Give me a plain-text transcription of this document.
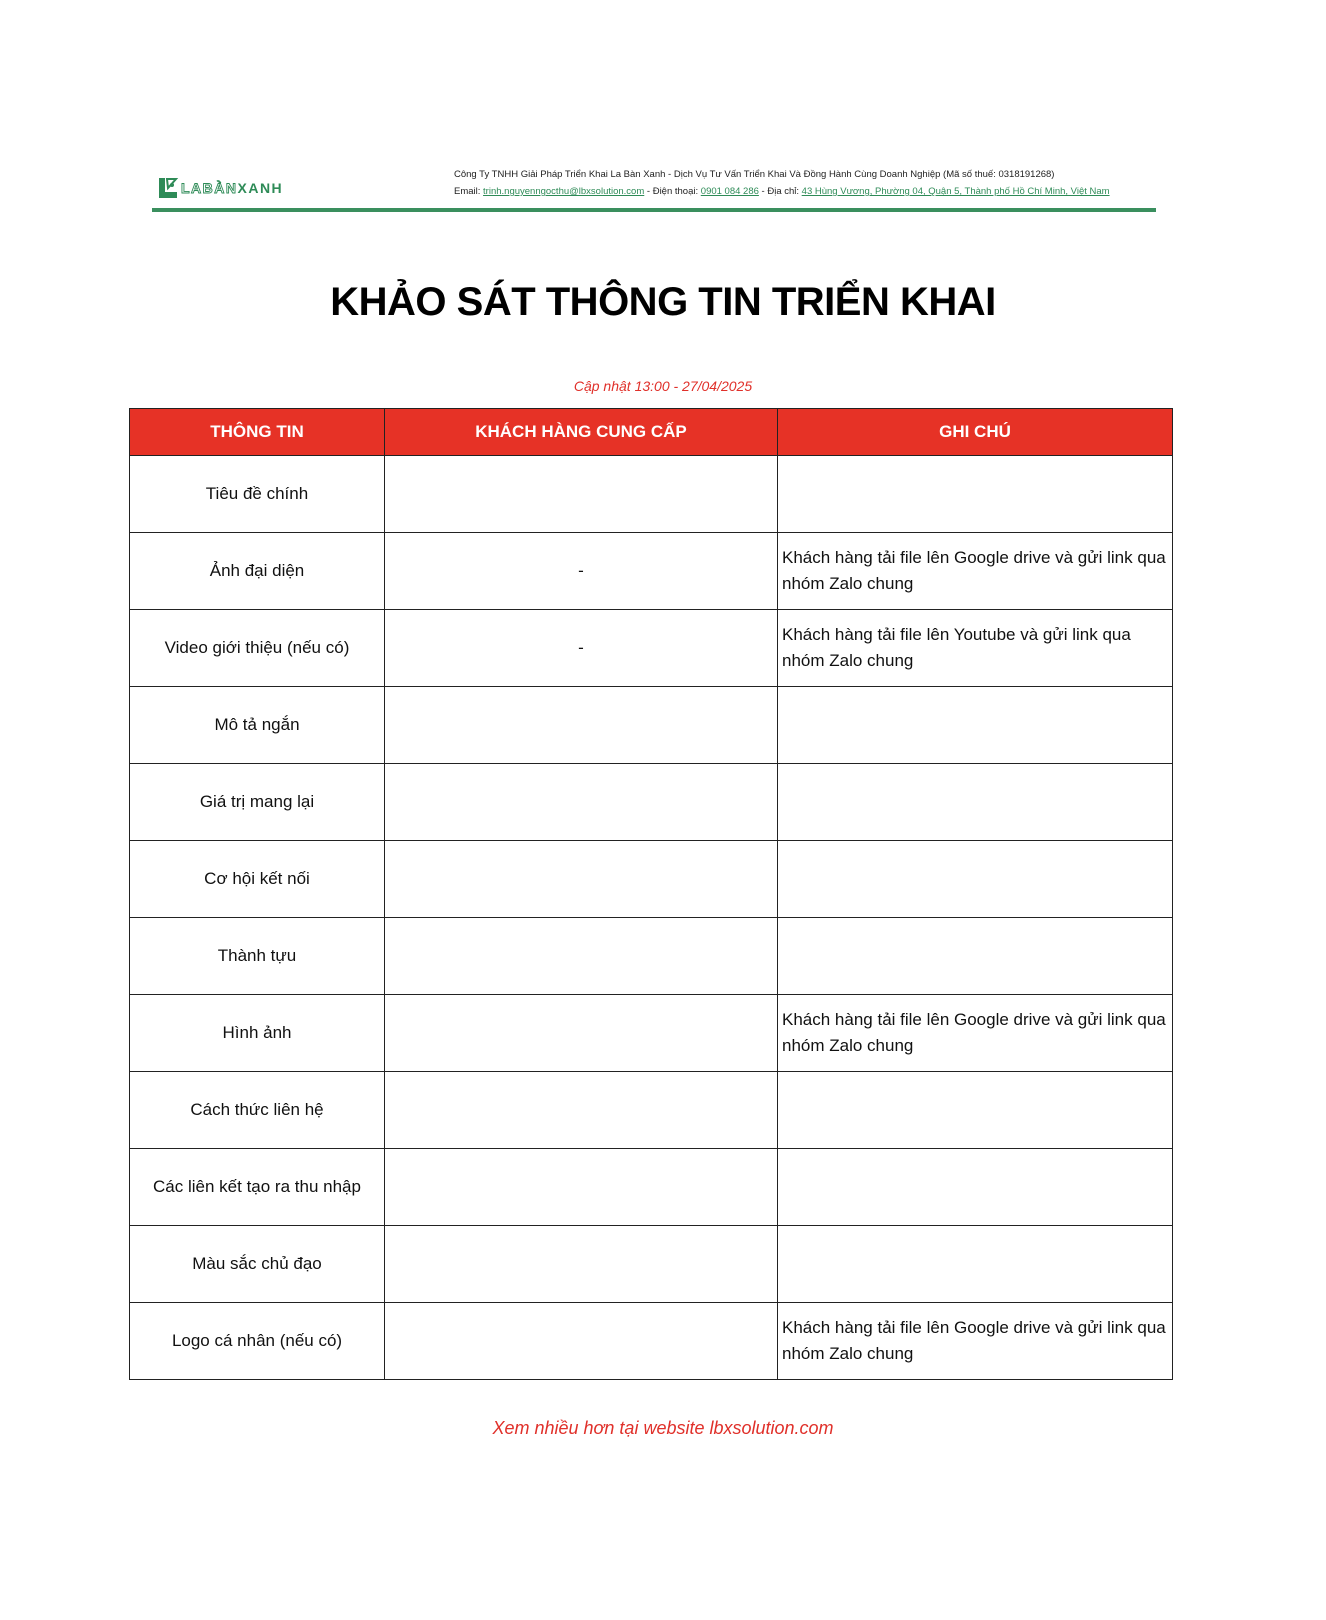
LABÀNXANH
Công Ty TNHH Giải Pháp Triển Khai La Bàn Xanh - Dịch Vụ Tư Vấn Triển Khai Và Đồng Hành Cùng Doanh Nghiệp (Mã số thuế: 0318191268)
Email: trinh.nguyenngocthu@lbxsolution.com - Điện thoại: 0901 084 286 - Địa chỉ: 43 Hùng Vương, Phường 04, Quận 5, Thành phố Hồ Chí Minh, Việt Nam
KHẢO SÁT THÔNG TIN TRIỂN KHAI
Cập nhật 13:00 - 27/04/2025
THÔNG TIN	KHÁCH HÀNG CUNG CẤP	GHI CHÚ
Tiêu đề chính		
Ảnh đại diện	-	Khách hàng tải file lên Google drive và gửi link qua nhóm Zalo chung
Video giới thiệu (nếu có)	-	Khách hàng tải file lên Youtube và gửi link qua nhóm Zalo chung
Mô tả ngắn		
Giá trị mang lại		
Cơ hội kết nối		
Thành tựu		
Hình ảnh		Khách hàng tải file lên Google drive và gửi link qua nhóm Zalo chung
Cách thức liên hệ		
Các liên kết tạo ra thu nhập		
Màu sắc chủ đạo		
Logo cá nhân (nếu có)		Khách hàng tải file lên Google drive và gửi link qua nhóm Zalo chung
Xem nhiều hơn tại website lbxsolution.com
